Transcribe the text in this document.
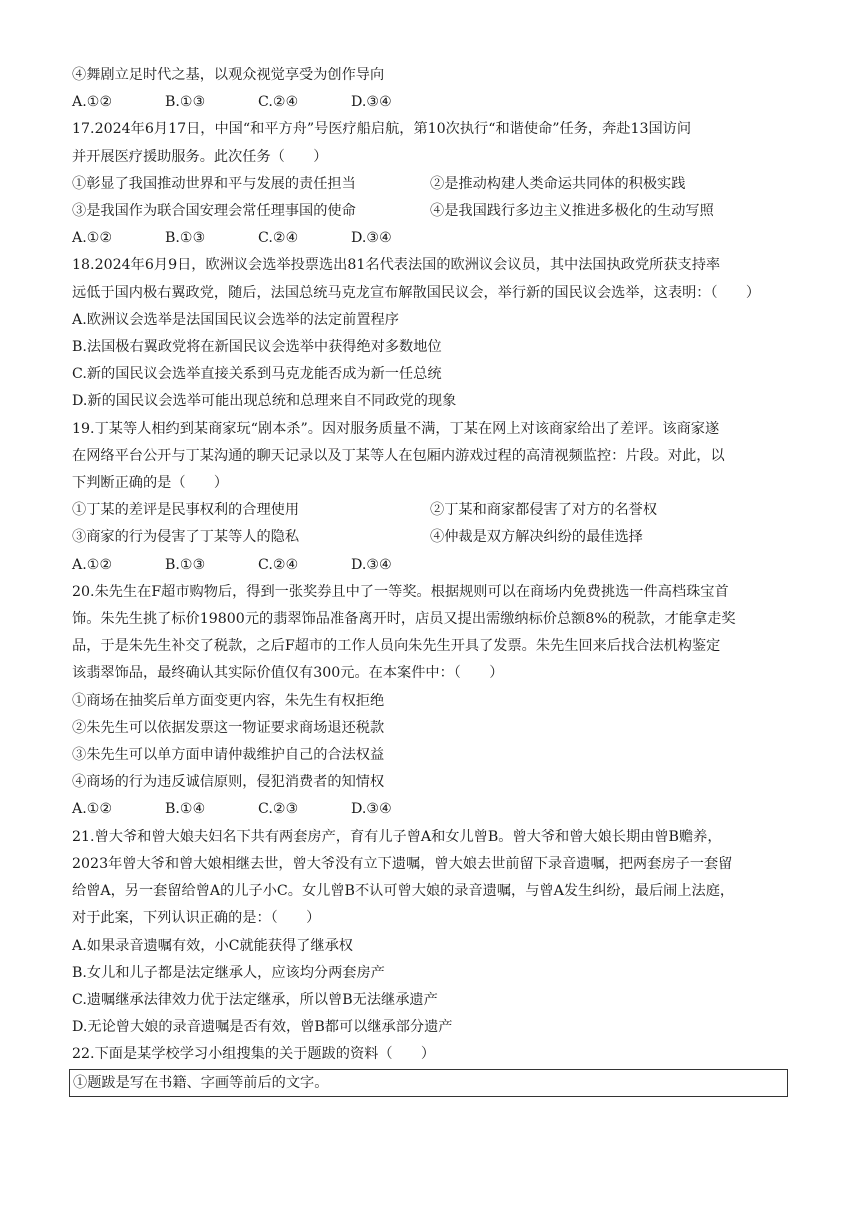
④舞剧立足时代之基，以观众视觉享受为创作导向
A.①②	B.①③	C.②④	D.③④
17.2024年6月17日，中国“和平方舟”号医疗船启航，第10次执行“和谐使命”任务，奔赴13国访问
并开展医疗援助服务。此次任务（　　）
①彰显了我国推动世界和平与发展的责任担当	②是推动构建人类命运共同体的积极实践
③是我国作为联合国安理会常任理事国的使命	④是我国践行多边主义推进多极化的生动写照
A.①②	B.①③	C.②④	D.③④
18.2024年6月9日，欧洲议会选举投票选出81名代表法国的欧洲议会议员，其中法国执政党所获支持率
远低于国内极右翼政党，随后，法国总统马克龙宣布解散国民议会，举行新的国民议会选举，这表明：（　　）
A.欧洲议会选举是法国国民议会选举的法定前置程序
B.法国极右翼政党将在新国民议会选举中获得绝对多数地位
C.新的国民议会选举直接关系到马克龙能否成为新一任总统
D.新的国民议会选举可能出现总统和总理来自不同政党的现象
19.丁某等人相约到某商家玩“剧本杀”。因对服务质量不满，丁某在网上对该商家给出了差评。该商家遂
在网络平台公开与丁某沟通的聊天记录以及丁某等人在包厢内游戏过程的高清视频监控：片段。对此，以
下判断正确的是（　　）
①丁某的差评是民事权利的合理使用	②丁某和商家都侵害了对方的名誉权
③商家的行为侵害了丁某等人的隐私	④仲裁是双方解决纠纷的最佳选择
A.①②	B.①③	C.②④	D.③④
20.朱先生在F超市购物后，得到一张奖券且中了一等奖。根据规则可以在商场内免费挑选一件高档珠宝首
饰。朱先生挑了标价19800元的翡翠饰品准备离开时，店员又提出需缴纳标价总额8%的税款，才能拿走奖
品，于是朱先生补交了税款，之后F超市的工作人员向朱先生开具了发票。朱先生回来后找合法机构鉴定
该翡翠饰品，最终确认其实际价值仅有300元。在本案件中：（　　）
①商场在抽奖后单方面变更内容，朱先生有权拒绝
②朱先生可以依据发票这一物证要求商场退还税款
③朱先生可以单方面申请仲裁维护自己的合法权益
④商场的行为违反诚信原则，侵犯消费者的知情权
A.①②	B.①④	C.②③	D.③④
21.曾大爷和曾大娘夫妇名下共有两套房产，育有儿子曾A和女儿曾B。曾大爷和曾大娘长期由曾B赡养，
2023年曾大爷和曾大娘相继去世，曾大爷没有立下遗嘱，曾大娘去世前留下录音遗嘱，把两套房子一套留
给曾A，另一套留给曾A的儿子小C。女儿曾B不认可曾大娘的录音遗嘱，与曾A发生纠纷，最后闹上法庭，
对于此案，下列认识正确的是：（　　）
A.如果录音遗嘱有效，小C就能获得了继承权
B.女儿和儿子都是法定继承人，应该均分两套房产
C.遗嘱继承法律效力优于法定继承，所以曾B无法继承遗产
D.无论曾大娘的录音遗嘱是否有效，曾B都可以继承部分遗产
22.下面是某学校学习小组搜集的关于题跋的资料（　　）
①题跋是写在书籍、字画等前后的文字。
